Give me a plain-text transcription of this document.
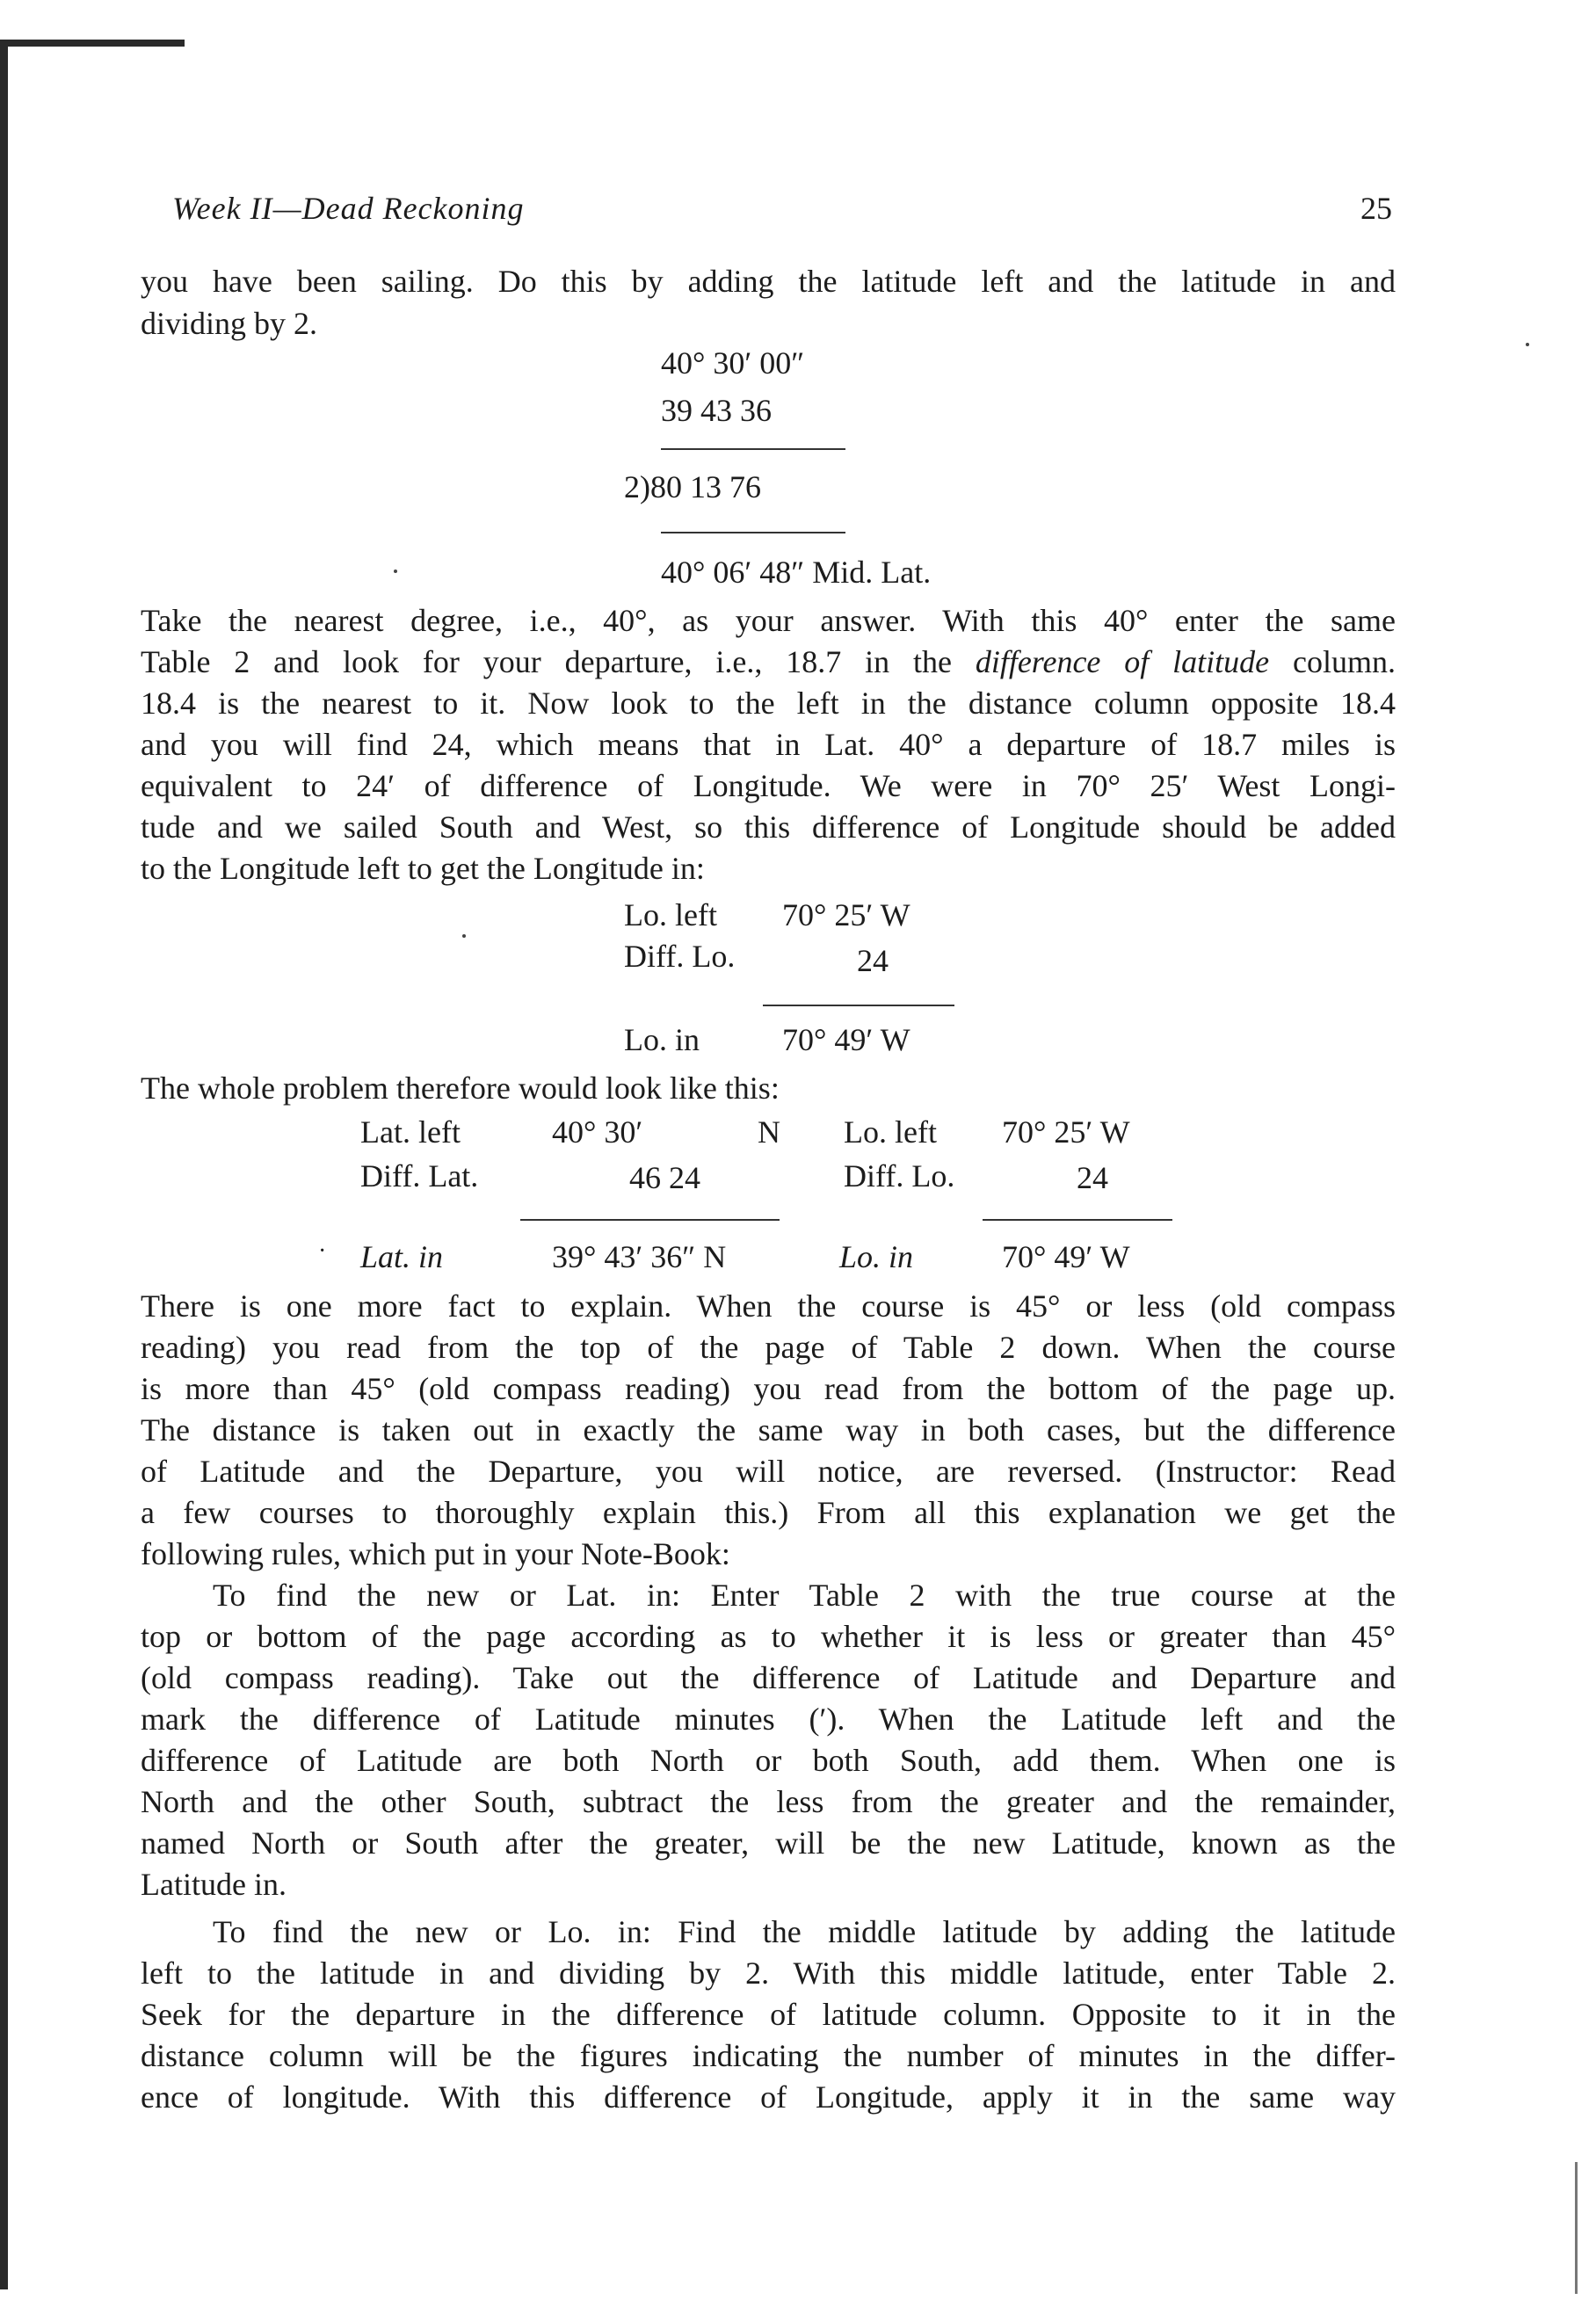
Week II—Dead Reckoning	25
you have been sailing. Do this by adding the latitude left and the latitude in and
dividing by 2.
40° 30′ 00″
39 43 36
2)80 13 76
40° 06′ 48″ Mid. Lat.
Take the nearest degree, i.e., 40°, as your answer. With this 40° enter the same
Table 2 and look for your departure, i.e., 18.7 in the difference of latitude column.
18.4 is the nearest to it. Now look to the left in the distance column opposite 18.4
and you will find 24, which means that in Lat. 40° a departure of 18.7 miles is
equivalent to 24′ of difference of Longitude. We were in 70° 25′ West Longi-
tude and we sailed South and West, so this difference of Longitude should be added
to the Longitude left to get the Longitude in:
Lo. left 70° 25′ W
Diff. Lo.	24
Lo. in	70° 49′ W
The whole problem therefore would look like this:
Lat. left	40° 30′	N Lo. left 70° 25′ W
Diff. Lat.	46 24	Diff. Lo.	24
· Lat. in	39° 43′ 36″ N	Lo. in	70° 49′ W
There is one more fact to explain. When the course is 45° or less (old compass
reading) you read from the top of the page of Table 2 down. When the course
is more than 45° (old compass reading) you read from the bottom of the page up.
The distance is taken out in exactly the same way in both cases, but the difference
of Latitude and the Departure, you will notice, are reversed. (Instructor: Read
a few courses to thoroughly explain this.) From all this explanation we get the
following rules, which put in your Note-Book:
To find the new or Lat. in: Enter Table 2 with the true course at the
top or bottom of the page according as to whether it is less or greater than 45°
(old compass reading). Take out the difference of Latitude and Departure and
mark the difference of Latitude minutes (′). When the Latitude left and the
difference of Latitude are both North or both South, add them. When one is
North and the other South, subtract the less from the greater and the remainder,
named North or South after the greater, will be the new Latitude, known as the
Latitude in.
To find the new or Lo. in: Find the middle latitude by adding the latitude
left to the latitude in and dividing by 2. With this middle latitude, enter Table 2.
Seek for the departure in the difference of latitude column. Opposite to it in the
distance column will be the figures indicating the number of minutes in the differ-
ence of longitude. With this difference of Longitude, apply it in the same way
